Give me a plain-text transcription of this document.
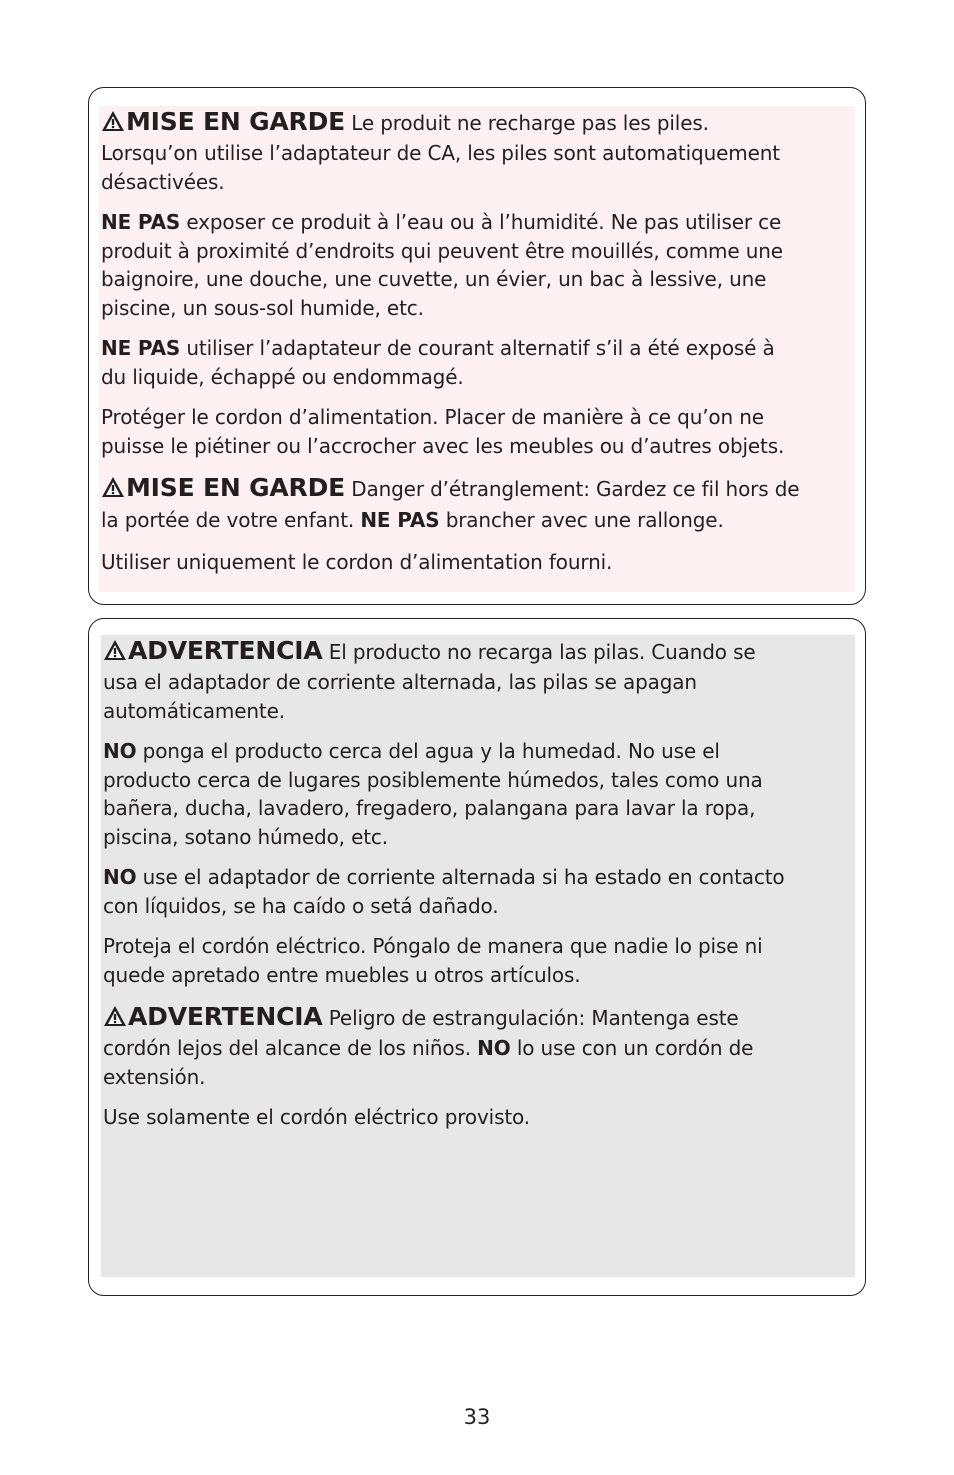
MISE EN GARDE Le produit ne recharge pas les piles.

Lorsqu’on utilise l’adaptateur de CA, les piles sont automatiquement

désactivées.

NE PAS exposer ce produit à l’eau ou à l’humidité. Ne pas utiliser ce

produit à proximité d’endroits qui peuvent être mouillés, comme une

baignoire, une douche, une cuvette, un évier, un bac à lessive, une

piscine, un sous-sol humide, etc.

NE PAS utiliser l’adaptateur de courant alternatif s’il a été exposé à

du liquide, échappé ou endommagé.

Protéger le cordon d’alimentation. Placer de manière à ce qu’on ne

puisse le piétiner ou l’accrocher avec les meubles ou d’autres objets.

MISE EN GARDE Danger d’étranglement: Gardez ce fil hors de

la portée de votre enfant. NE PAS brancher avec une rallonge.

Utiliser uniquement le cordon d’alimentation fourni.

ADVERTENCIA El producto no recarga las pilas. Cuando se

usa el adaptador de corriente alternada, las pilas se apagan

automáticamente.

NO ponga el producto cerca del agua y la humedad. No use el

producto cerca de lugares posiblemente húmedos, tales como una

bañera, ducha, lavadero, fregadero, palangana para lavar la ropa,

piscina, sotano húmedo, etc.

NO use el adaptador de corriente alternada si ha estado en contacto

con líquidos, se ha caído o setá dañado.

Proteja el cordón eléctrico. Póngalo de manera que nadie lo pise ni

quede apretado entre muebles u otros artículos.

ADVERTENCIA Peligro de estrangulación: Mantenga este

cordón lejos del alcance de los niños. NO lo use con un cordón de

extensión.

Use solamente el cordón eléctrico provisto.

33
